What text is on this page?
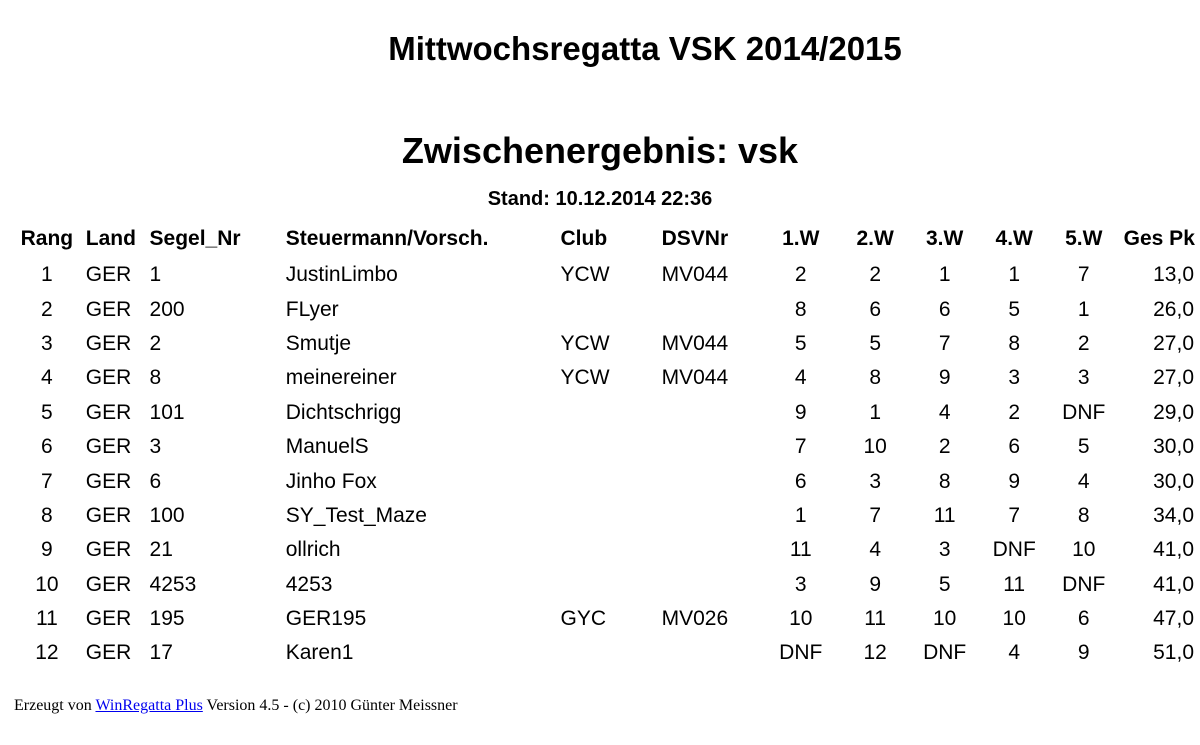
Mittwochsregatta VSK 2014/2015
Zwischenergebnis: vsk
Stand: 10.12.2014 22:36
Rang	Land	Segel_Nr	Steuermann/Vorsch.	Club	DSVNr	1.W	2.W	3.W	4.W	5.W	Ges Pk
1	GER	1	JustinLimbo	YCW	MV044	2	2	1	1	7	13,0
2	GER	200	FLyer			8	6	6	5	1	26,0
3	GER	2	Smutje	YCW	MV044	5	5	7	8	2	27,0
4	GER	8	meinereiner	YCW	MV044	4	8	9	3	3	27,0
5	GER	101	Dichtschrigg			9	1	4	2	DNF	29,0
6	GER	3	ManuelS			7	10	2	6	5	30,0
7	GER	6	Jinho Fox			6	3	8	9	4	30,0
8	GER	100	SY_Test_Maze			1	7	11	7	8	34,0
9	GER	21	ollrich			11	4	3	DNF	10	41,0
10	GER	4253	4253			3	9	5	11	DNF	41,0
11	GER	195	GER195	GYC	MV026	10	11	10	10	6	47,0
12	GER	17	Karen1			DNF	12	DNF	4	9	51,0
Erzeugt von WinRegatta Plus Version 4.5 - (c) 2010 Günter Meissner
